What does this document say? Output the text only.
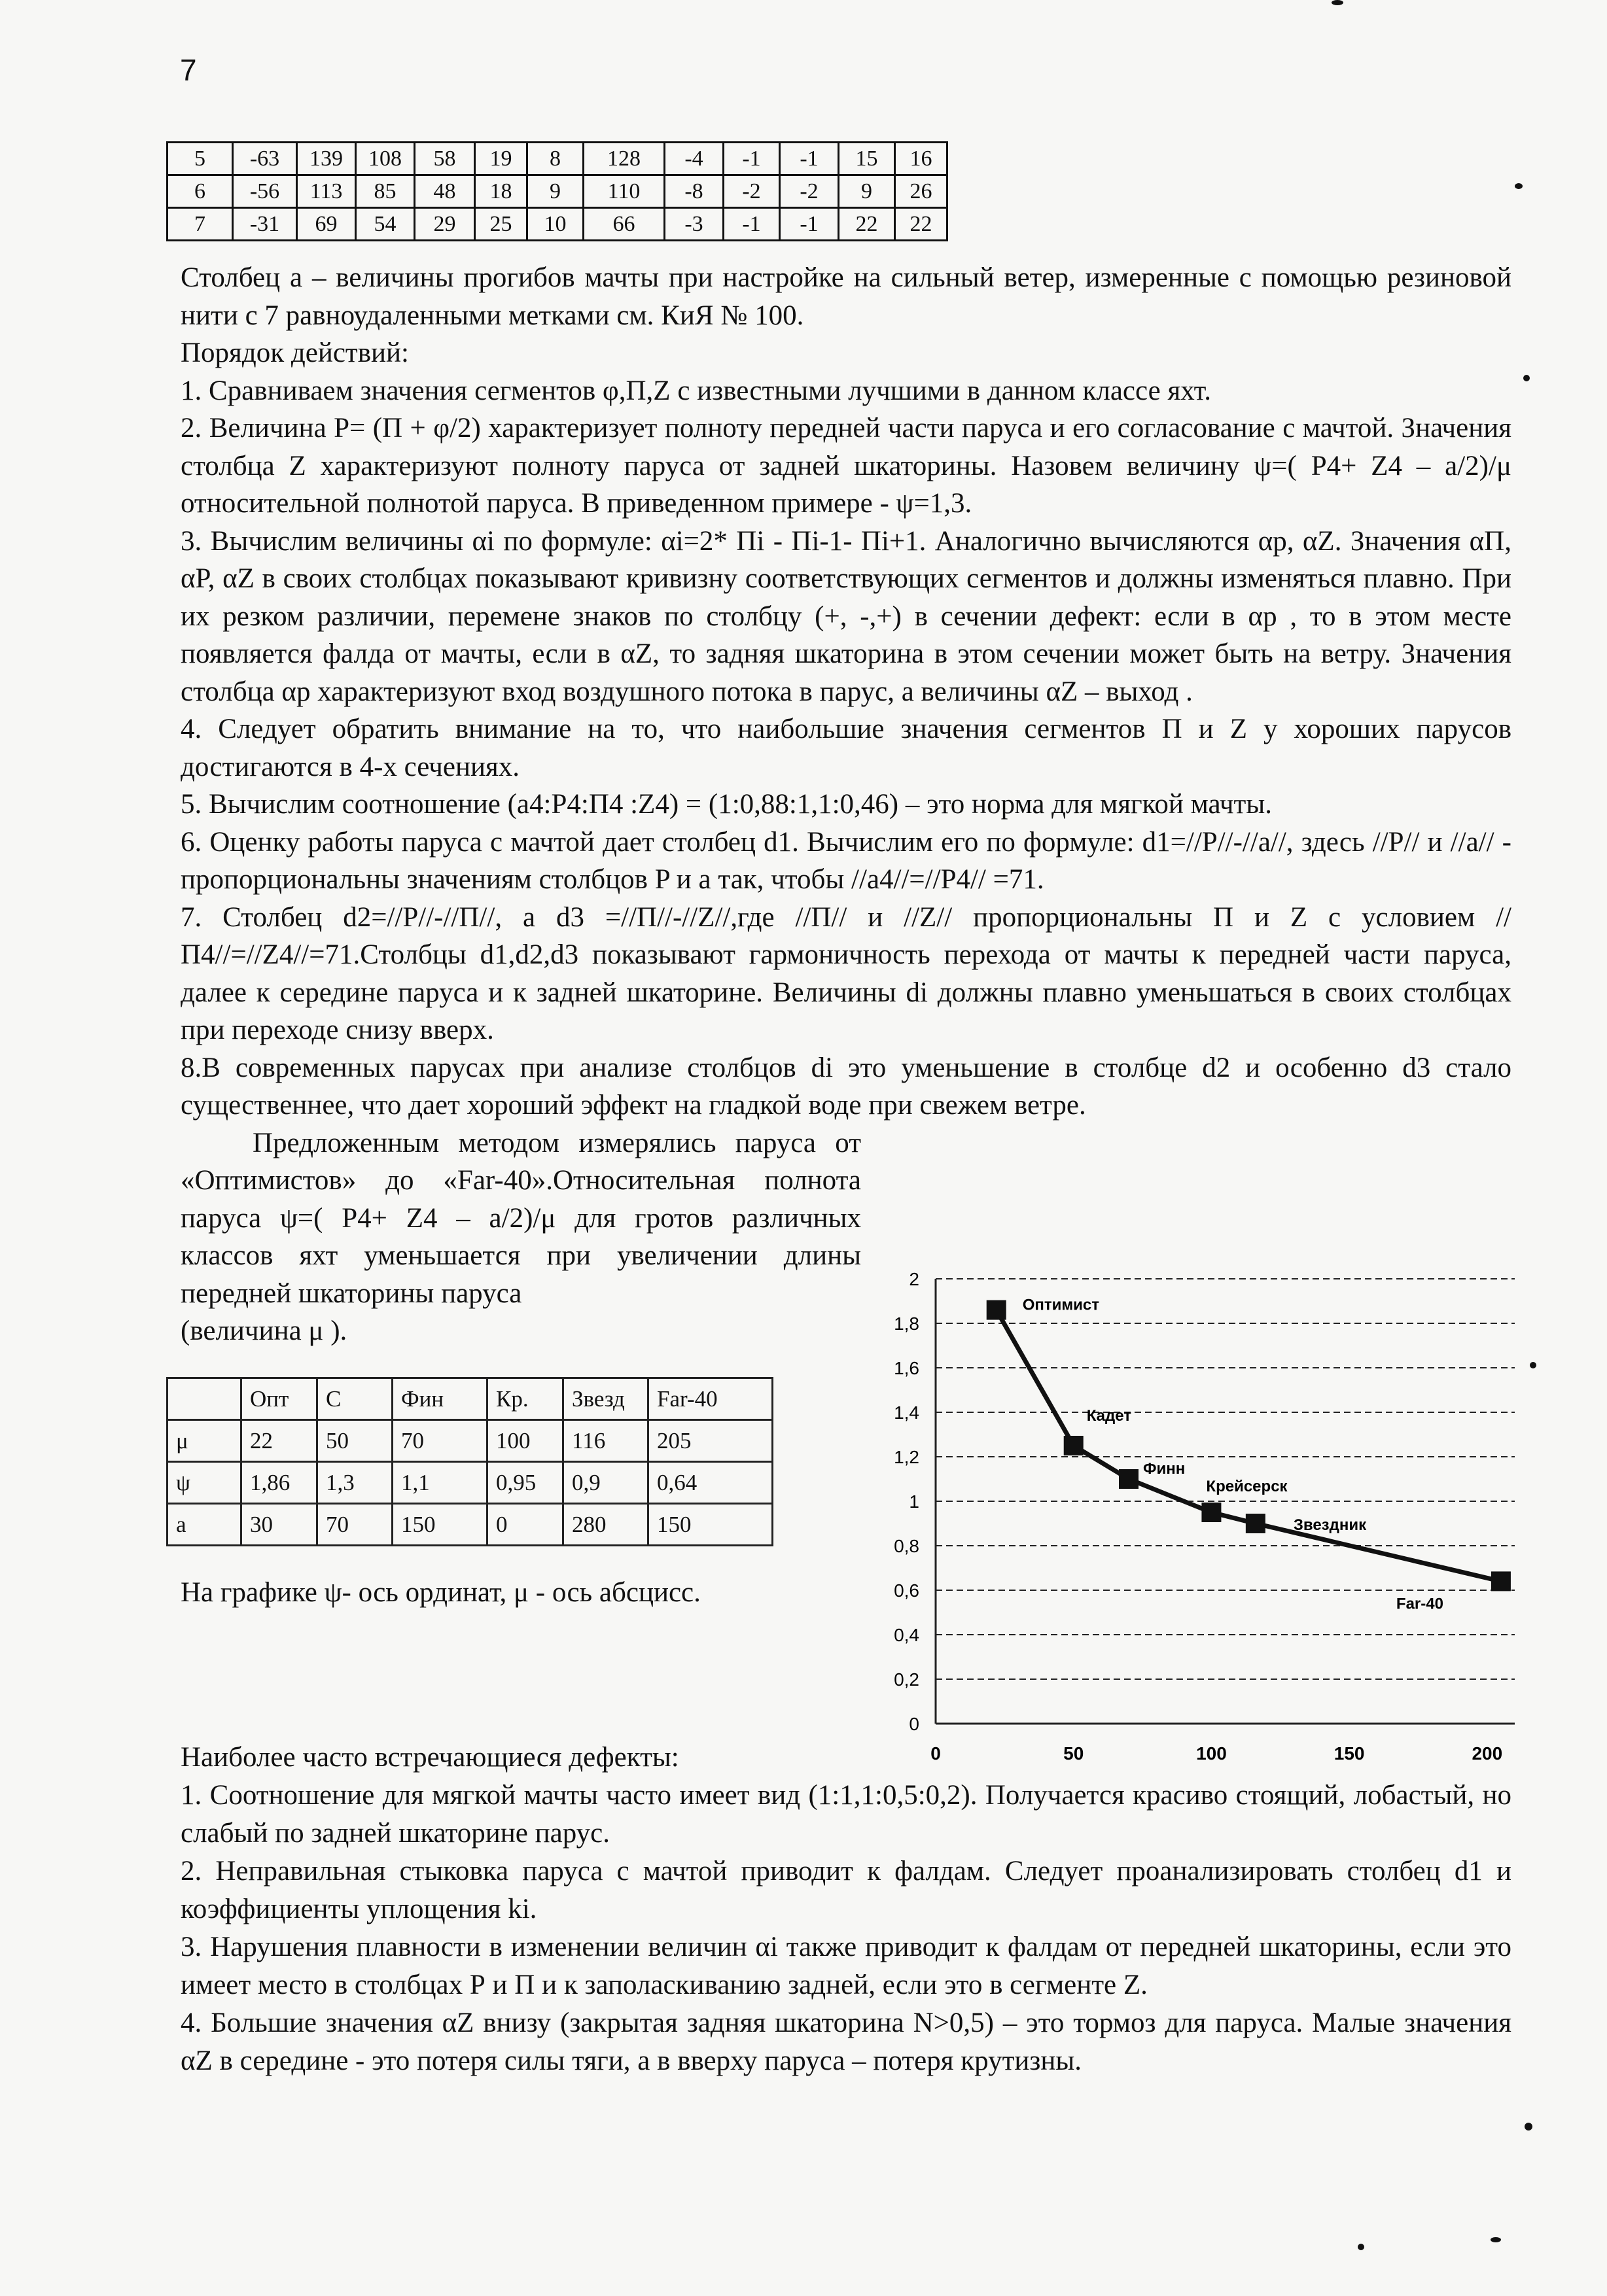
7
5	-63	139	108	58	19	8	128	-4	-1	-1	15	16
6	-56	113	85	48	18	9	110	-8	-2	-2	9	26
7	-31	69	54	29	25	10	66	-3	-1	-1	22	22

Столбец а – величины прогибов мачты при настройке на сильный ветер, измеренные с помощью резиновой нити с 7 равноудаленными метками см. КиЯ № 100.

Порядок действий:

1. Сравниваем значения сегментов φ,П,Z с известными лучшими в данном классе яхт.

2. Величина P= (П + φ/2) характеризует полноту передней части паруса и его согласование с мачтой. Значения столбца Z характеризуют полноту паруса от задней шкаторины. Назовем величину ψ=( P4+ Z4 – a/2)/μ относительной полнотой паруса. В приведенном примере - ψ=1,3.

3. Вычислим величины αi по формуле: αi=2* Пi - Пi-1- Пi+1. Аналогично вычисляются αp, αZ. Значения αП, αP, αZ в своих столбцах показывают кривизну соответствующих сегментов и должны изменяться плавно. При их резком различии, перемене знаков по столбцу (+, -,+) в сечении дефект: если в αp , то в этом месте появляется фалда от мачты, если в αZ, то задняя шкаторина в этом сечении может быть на ветру. Значения столбца αp характеризуют вход воздушного потока в парус, а величины αZ – выход .

4. Следует обратить внимание на то, что наибольшие значения сегментов П и Z у хороших парусов достигаются в 4-х сечениях.

5. Вычислим соотношение (a4:P4:П4 :Z4) = (1:0,88:1,1:0,46) – это норма для мягкой мачты.

6. Оценку работы паруса с мачтой дает столбец d1. Вычислим его по формуле: d1=//P//-//a//, здесь //P// и //a// - пропорциональны значениям столбцов P и a так, чтобы //a4//=//P4// =71.

7. Столбец d2=//P//-//П//, а d3 =//П//-//Z//,где //П// и //Z// пропорциональны П и Z с условием //П4//=//Z4//=71.Столбцы d1,d2,d3 показывают гармоничность перехода от мачты к передней части паруса, далее к середине паруса и к задней шкаторине. Величины di должны плавно уменьшаться в своих столбцах при переходе снизу вверх.

8.В современных парусах при анализе столбцов di это уменьшение в столбце d2 и особенно d3 стало существеннее, что дает хороший эффект на гладкой воде при свежем ветре.

Предложенным методом измерялись паруса от «Оптимистов» до «Far-40».Относительная полнота паруса ψ=( P4+ Z4 – a/2)/μ для гротов различных классов яхт уменьшается при увеличении длины передней шкаторины паруса

(величина μ ).

	Опт	С	Фин	Кр.	Звезд	Far-40
μ	22	50	70	100	116	205
ψ	1,86	1,3	1,1	0,95	0,9	0,64
a	30	70	150	0	280	150
На графике ψ- ось ординат, μ - ось абсцисс.
0
0,2
0,4
0,6
0,8
1
1,2
1,4
1,6
1,8
2
0	50	100	150	200
Оптимист
Кадет
Финн
Крейсерск
Звездник
Far-40

Наиболее часто встречающиеся дефекты:

1. Соотношение для мягкой мачты часто имеет вид (1:1,1:0,5:0,2). Получается красиво стоящий, лобастый, но слабый по задней шкаторине парус.

2. Неправильная стыковка паруса с мачтой приводит к фалдам. Следует проанализировать столбец d1 и коэффициенты уплощения ki.

3. Нарушения плавности в изменении величин αi также приводит к фалдам от передней шкаторины, если это имеет место в столбцах Р и П и к заполаскиванию задней, если это в сегменте Z.

4. Большие значения αZ внизу (закрытая задняя шкаторина N>0,5) – это тормоз для паруса. Малые значения αZ в середине - это потеря силы тяги, а в вверху паруса – потеря крутизны.
